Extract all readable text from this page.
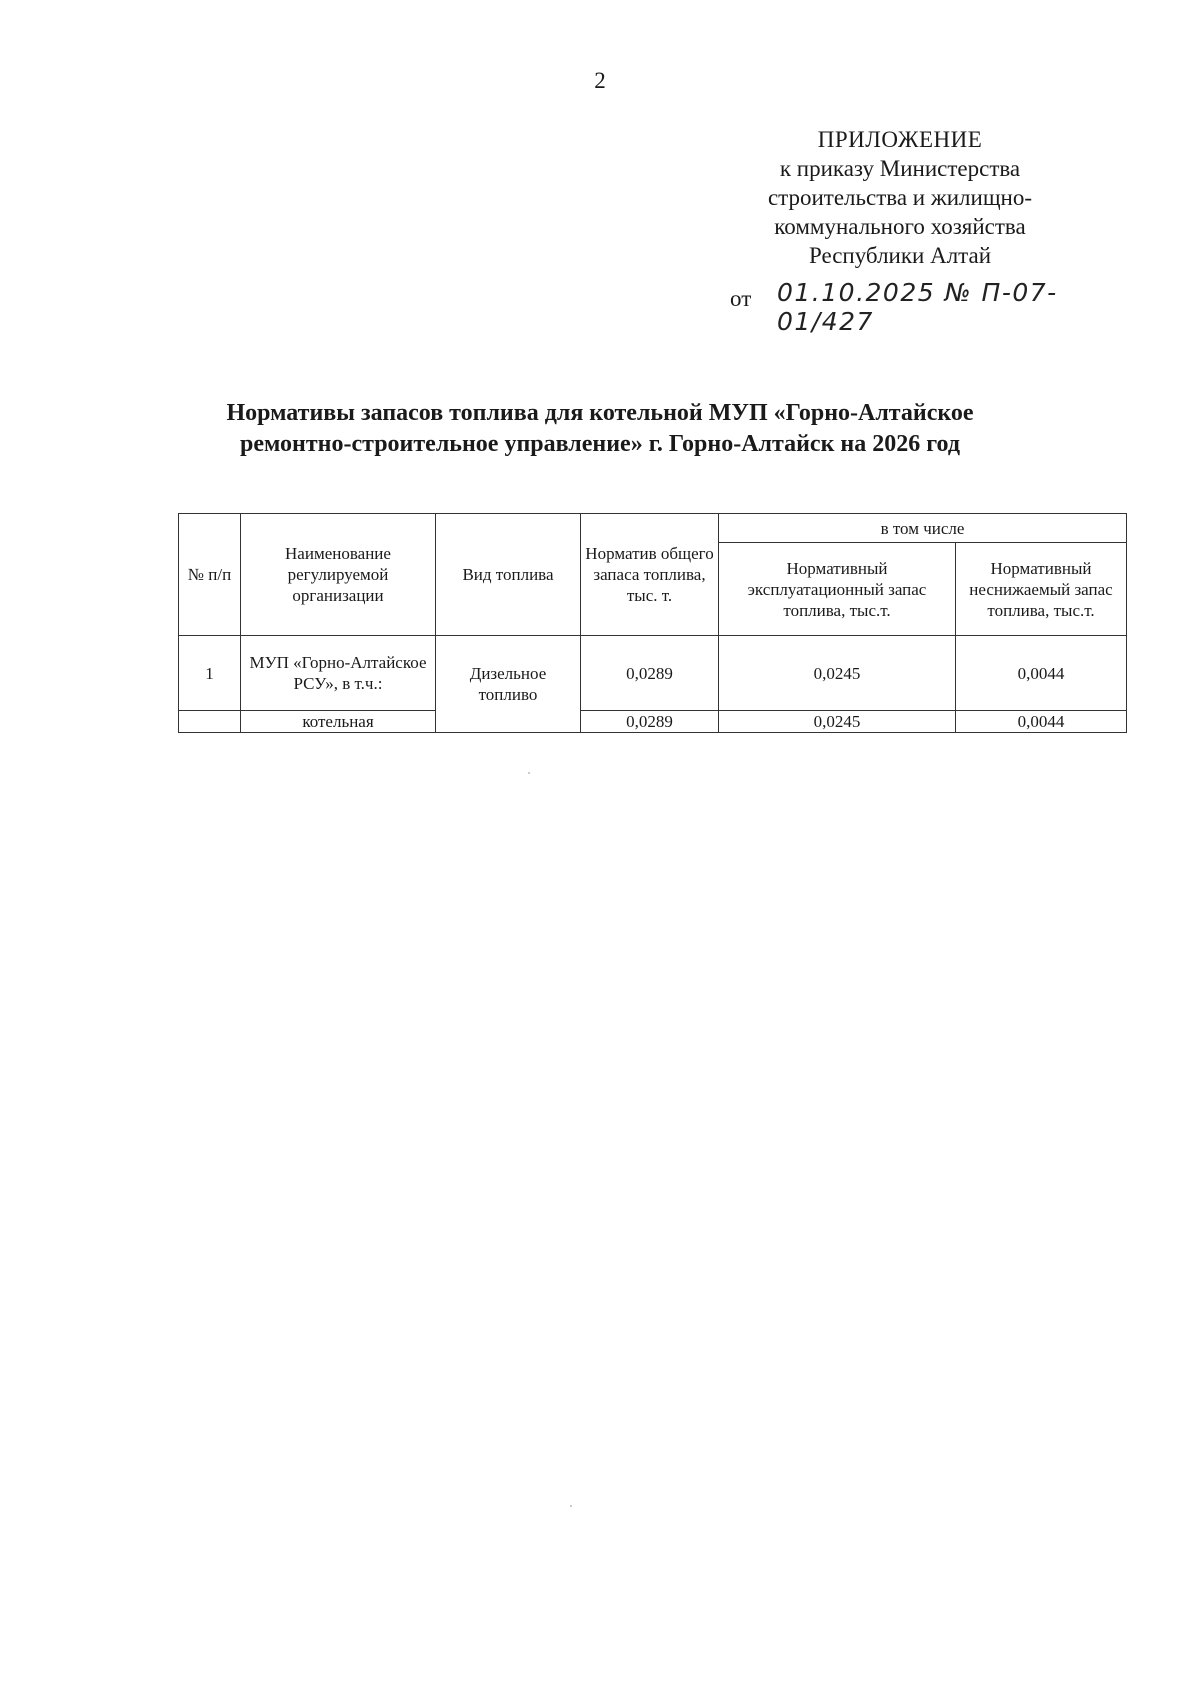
2
ПРИЛОЖЕНИЕ
к приказу Министерства
строительства и жилищно-
коммунального хозяйства
Республики Алтай
от 01.10.2025 № П-07-01/427
Нормативы запасов топлива для котельной МУП «Горно-Алтайское
ремонтно-строительное управление» г. Горно-Алтайск на 2026 год
№ п/п	Наименование регулируемой организации	Вид топлива	Норматив общего запаса топлива, тыс. т.	в том числе	
				Нормативный эксплуатационный запас топлива, тыс.т.	Нормативный неснижаемый запас топлива, тыс.т.
1	МУП «Горно-Алтайское РСУ», в т.ч.:	Дизельное топливо	0,0289	0,0245	0,0044
	котельная		0,0289	0,0245	0,0044
